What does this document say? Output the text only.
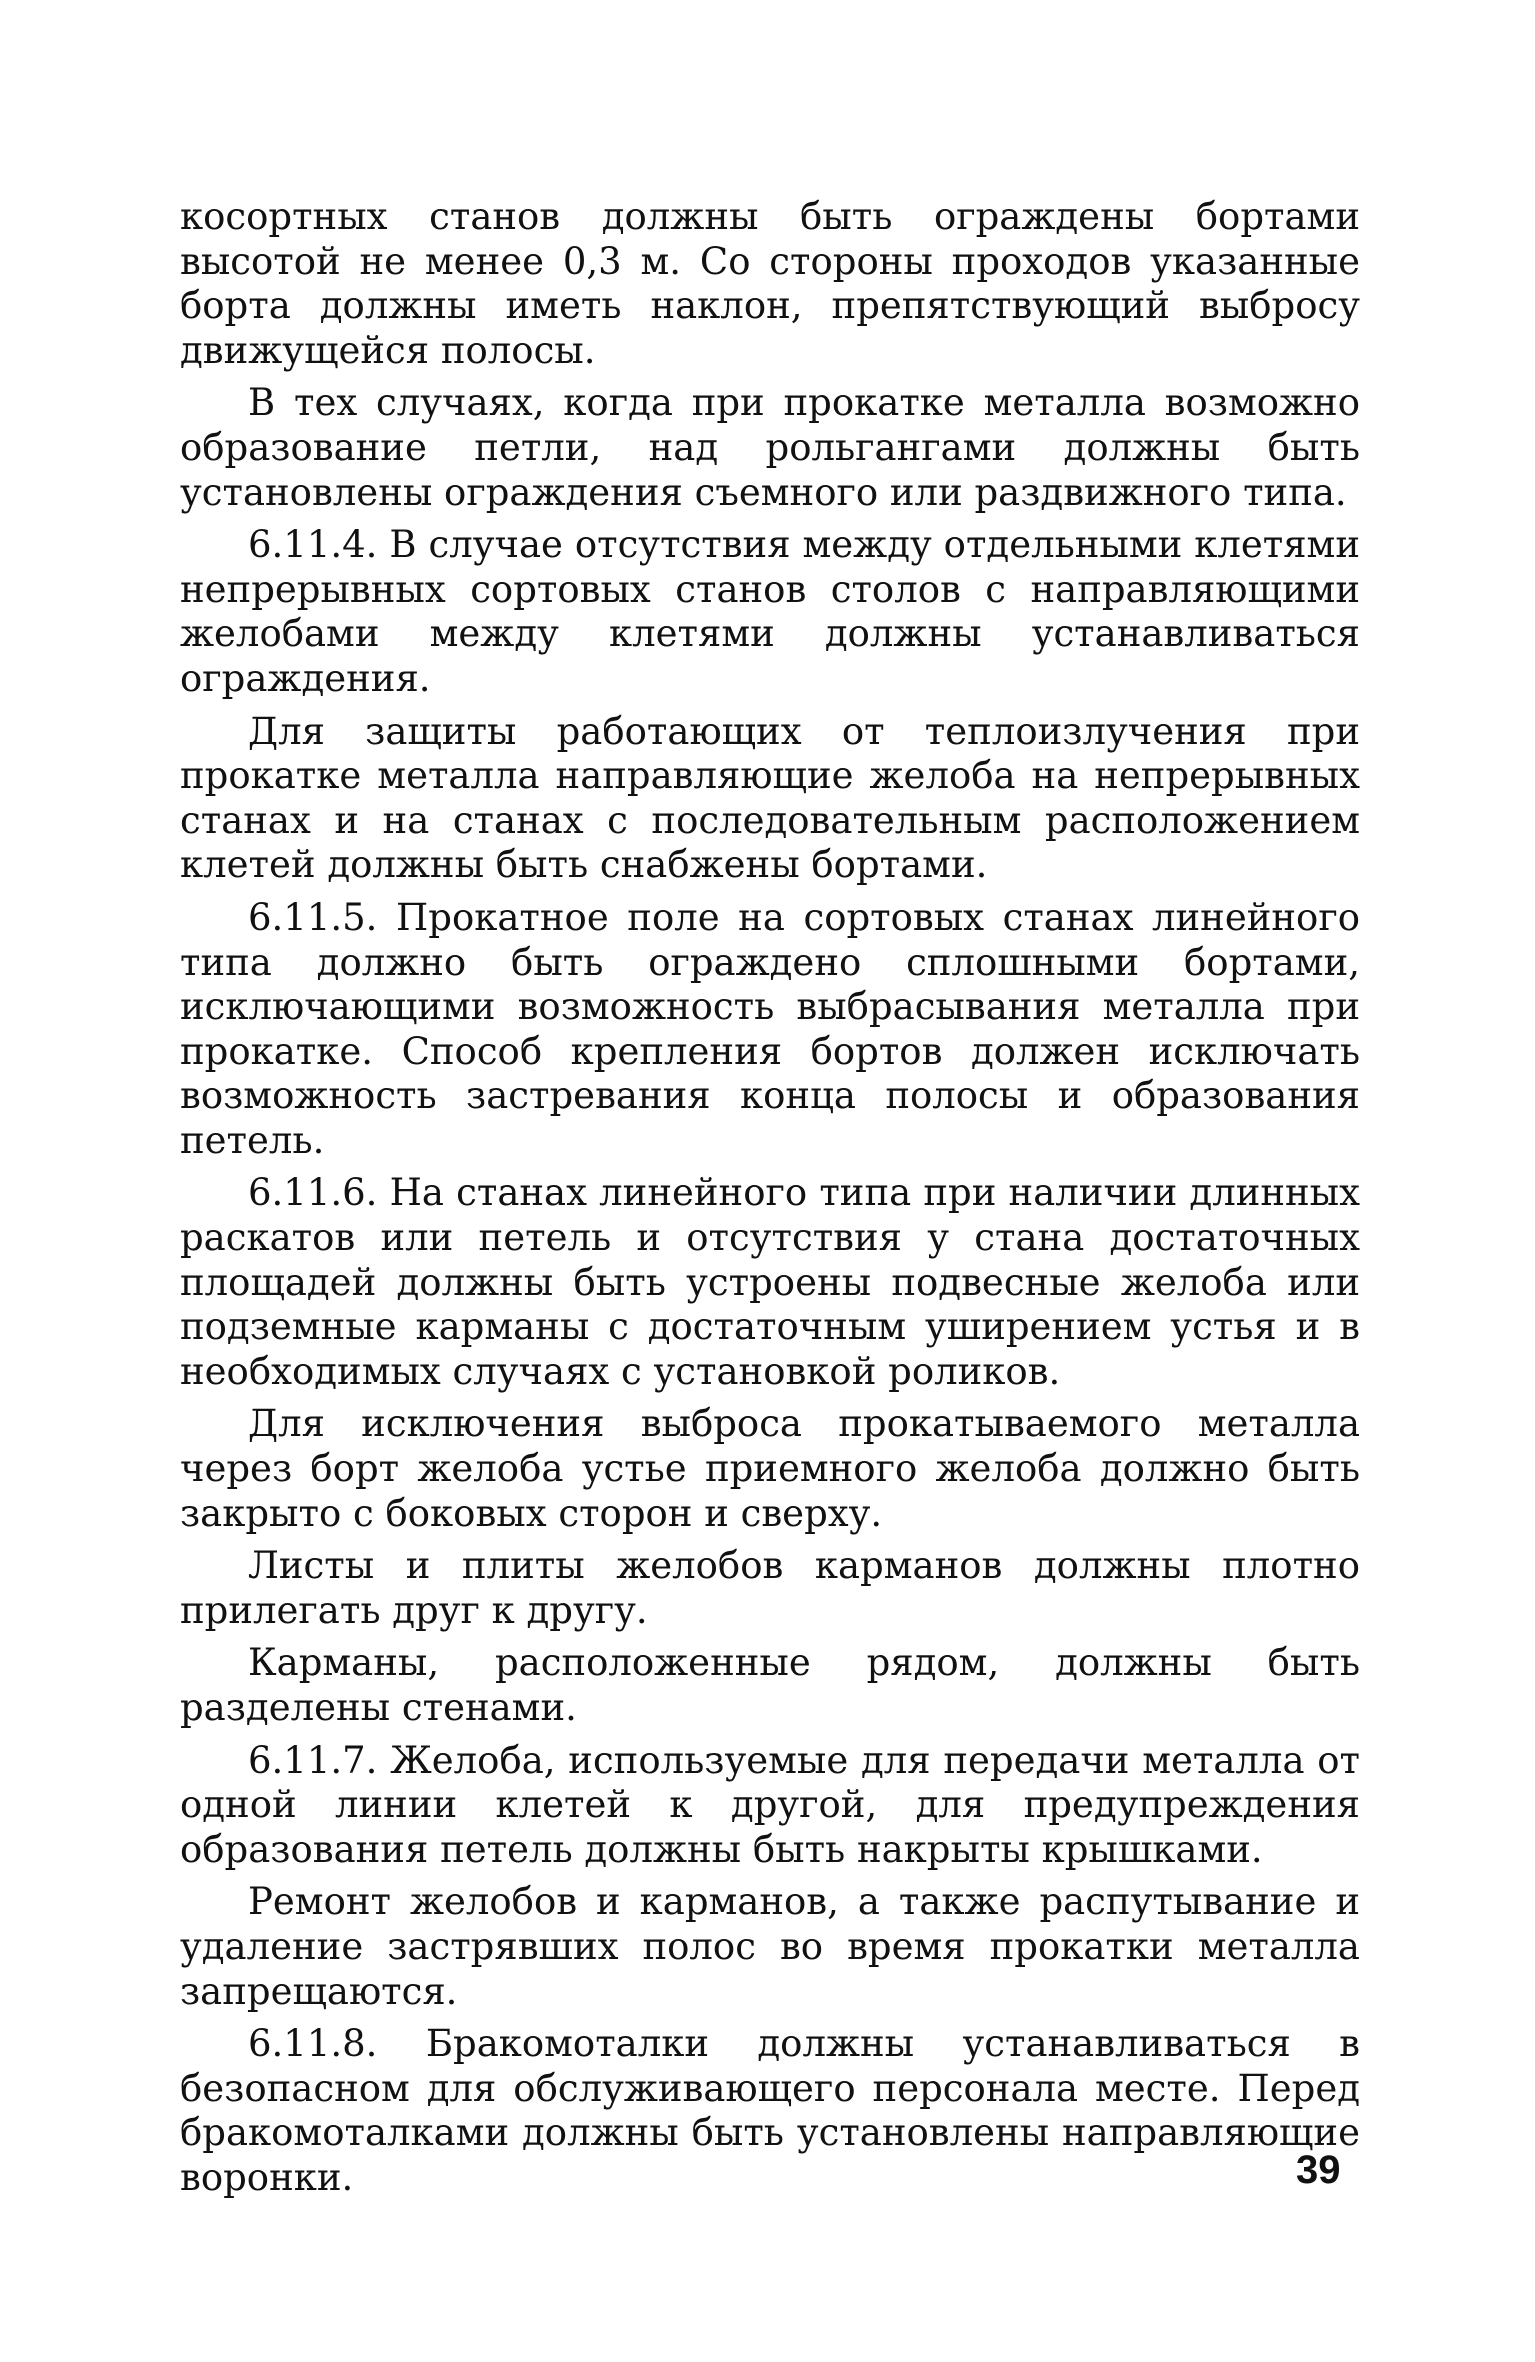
косортных станов должны быть ограждены бортами высотой не менее 0,3 м. Со стороны проходов указанные борта должны иметь наклон, препятствующий выбросу движущейся полосы.

В тех случаях, когда при прокатке металла возможно образование петли, над рольгангами должны быть установлены ограждения съемного или раздвижного типа.

6.11.4. В случае отсутствия между отдельными клетями непрерывных сортовых станов столов с направляющими желобами между клетями должны устанавливаться ограждения.

Для защиты работающих от теплоизлучения при прокатке металла направляющие желоба на непрерывных станах и на станах с последовательным расположением клетей должны быть снабжены бортами.

6.11.5. Прокатное поле на сортовых станах линейного типа должно быть ограждено сплошными бортами, исключающими возможность выбрасывания металла при прокатке. Способ крепления бортов должен исключать возможность застревания конца полосы и образования петель.

6.11.6. На станах линейного типа при наличии длинных раскатов или петель и отсутствия у стана достаточных площадей должны быть устроены подвесные желоба или подземные карманы с достаточным уширением устья и в необходимых случаях с установкой роликов.

Для исключения выброса прокатываемого металла через борт желоба устье приемного желоба должно быть закрыто с боковых сторон и сверху.

Листы и плиты желобов карманов должны плотно прилегать друг к другу.

Карманы, расположенные рядом, должны быть разделены стенами.

6.11.7. Желоба, используемые для передачи металла от одной линии клетей к другой, для предупреждения образования петель должны быть накрыты крышками.

Ремонт желобов и карманов, а также распутывание и удаление застрявших полос во время прокатки металла запрещаются.

6.11.8. Бракомоталки должны устанавливаться в безопасном для обслуживающего персонала месте. Перед бракомоталками должны быть установлены направляющие воронки.	39
